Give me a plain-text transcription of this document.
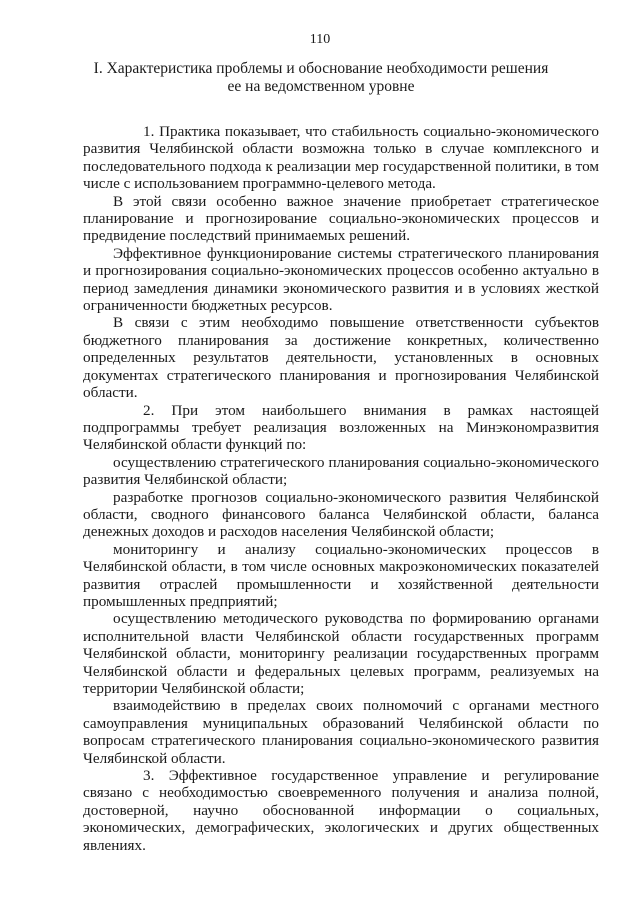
110
I. Характеристика проблемы и обоснование необходимости решения ее на ведомственном уровне

1. Практика показывает, что стабильность социально-экономического развития Челябинской области возможна только в случае комплексного и последовательного подхода к реализации мер государственной политики, в том числе с использованием программно-целевого метода.

В этой связи особенно важное значение приобретает стратегическое планирование и прогнозирование социально-экономических процессов и предвидение последствий принимаемых решений.

Эффективное функционирование системы стратегического планирования и прогнозирования социально-экономических процессов особенно актуально в период замедления динамики экономического развития и в условиях жесткой ограниченности бюджетных ресурсов.

В связи с этим необходимо повышение ответственности субъектов бюджетного планирования за достижение конкретных, количественно определенных результатов деятельности, установленных в основных документах стратегического планирования и прогнозирования Челябинской области.

2. При этом наибольшего внимания в рамках настоящей подпрограммы требует реализация возложенных на Минэкономразвития Челябинской области функций по:

осуществлению стратегического планирования социально-экономического развития Челябинской области;

разработке прогнозов социально-экономического развития Челябинской области, сводного финансового баланса Челябинской области, баланса денежных доходов и расходов населения Челябинской области;

мониторингу и анализу социально-экономических процессов в Челябинской области, в том числе основных макроэкономических показателей развития отраслей промышленности и хозяйственной деятельности промышленных предприятий;

осуществлению методического руководства по формированию органами исполнительной власти Челябинской области государственных программ Челябинской области, мониторингу реализации государственных программ Челябинской области и федеральных целевых программ, реализуемых на территории Челябинской области;

взаимодействию в пределах своих полномочий с органами местного самоуправления муниципальных образований Челябинской области по вопросам стратегического планирования социально-экономического развития Челябинской области.

3. Эффективное государственное управление и регулирование связано с необходимостью своевременного получения и анализа полной, достоверной, научно обоснованной информации о социальных, экономических, демографических, экологических и других общественных явлениях.
